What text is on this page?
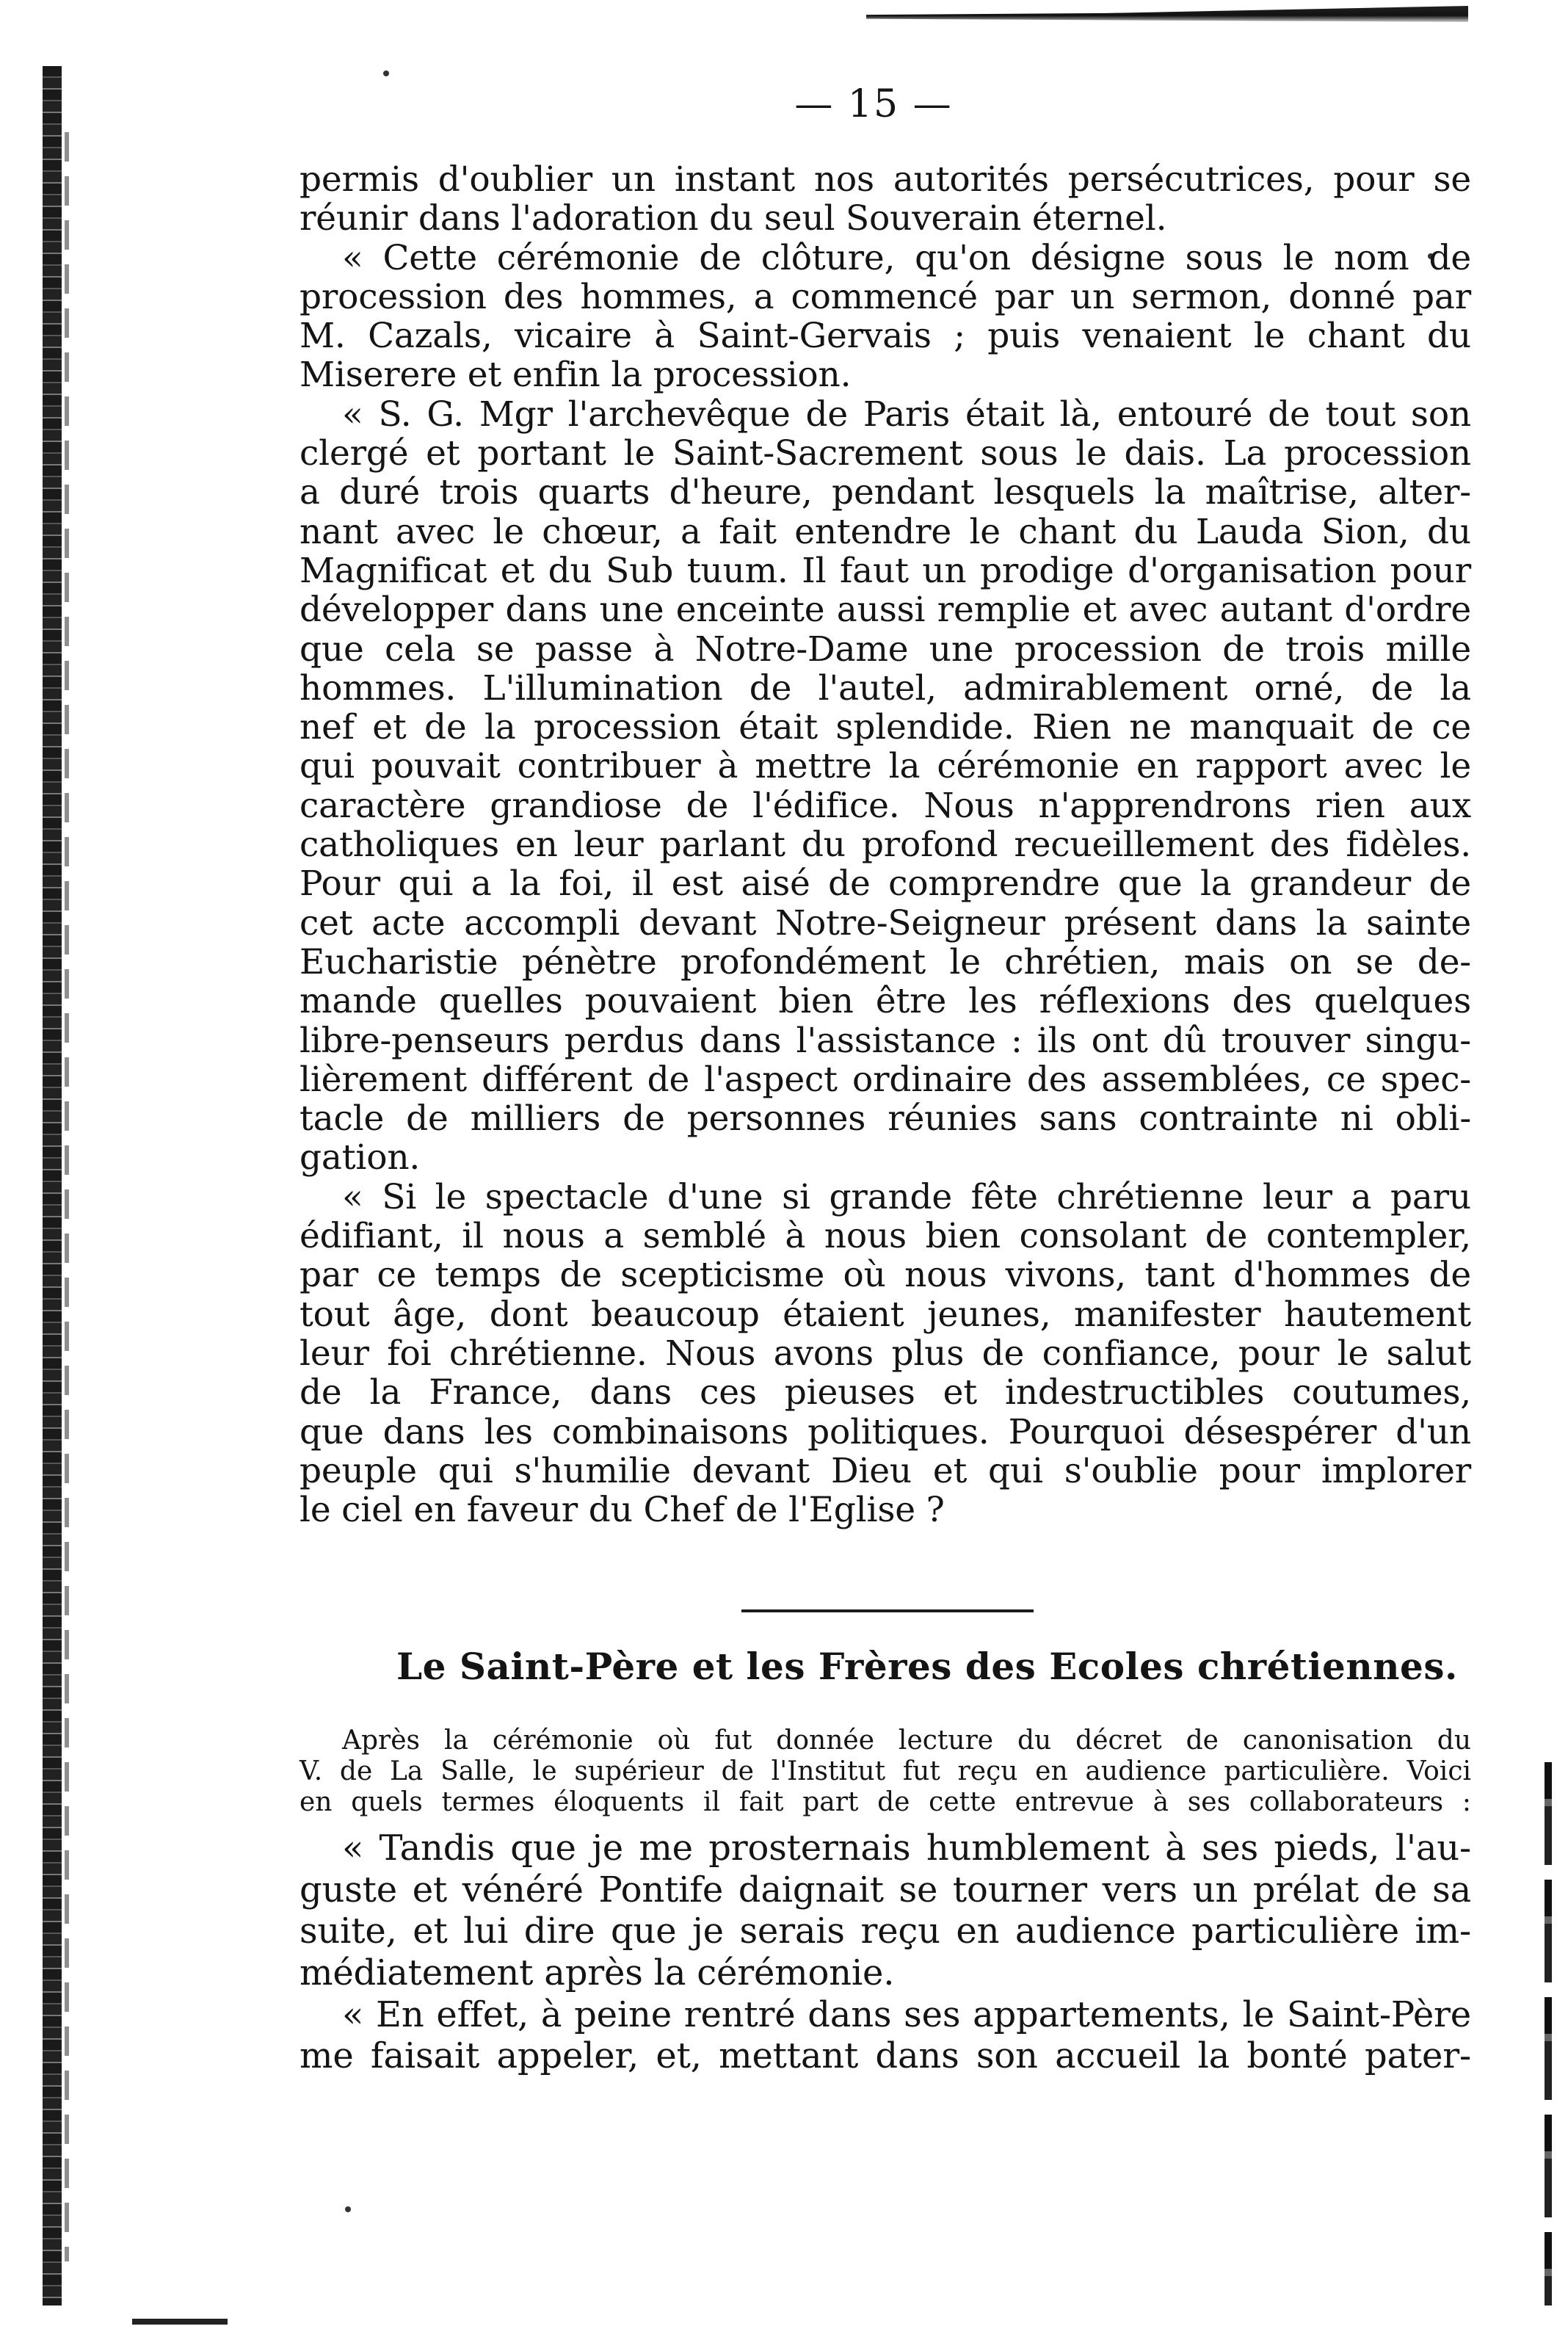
— 15 —
permis d'oublier un instant nos autorités persécutrices, pour se
réunir dans l'adoration du seul Souverain éternel.
« Cette cérémonie de clôture, qu'on désigne sous le nom de
procession des hommes, a commencé par un sermon, donné par
M. Cazals, vicaire à Saint-Gervais ; puis venaient le chant du
Miserere et enfin la procession.
« S. G. Mgr l'archevêque de Paris était là, entouré de tout son
clergé et portant le Saint-Sacrement sous le dais. La procession
a duré trois quarts d'heure, pendant lesquels la maîtrise, alter-
nant avec le chœur, a fait entendre le chant du Lauda Sion, du
Magnificat et du Sub tuum. Il faut un prodige d'organisation pour
développer dans une enceinte aussi remplie et avec autant d'ordre
que cela se passe à Notre-Dame une procession de trois mille
hommes. L'illumination de l'autel, admirablement orné, de la
nef et de la procession était splendide. Rien ne manquait de ce
qui pouvait contribuer à mettre la cérémonie en rapport avec le
caractère grandiose de l'édifice. Nous n'apprendrons rien aux
catholiques en leur parlant du profond recueillement des fidèles.
Pour qui a la foi, il est aisé de comprendre que la grandeur de
cet acte accompli devant Notre-Seigneur présent dans la sainte
Eucharistie pénètre profondément le chrétien, mais on se de-
mande quelles pouvaient bien être les réflexions des quelques
libre-penseurs perdus dans l'assistance : ils ont dû trouver singu-
lièrement différent de l'aspect ordinaire des assemblées, ce spec-
tacle de milliers de personnes réunies sans contrainte ni obli-
gation.
« Si le spectacle d'une si grande fête chrétienne leur a paru
édifiant, il nous a semblé à nous bien consolant de contempler,
par ce temps de scepticisme où nous vivons, tant d'hommes de
tout âge, dont beaucoup étaient jeunes, manifester hautement
leur foi chrétienne. Nous avons plus de confiance, pour le salut
de la France, dans ces pieuses et indestructibles coutumes,
que dans les combinaisons politiques. Pourquoi désespérer d'un
peuple qui s'humilie devant Dieu et qui s'oublie pour implorer
le ciel en faveur du Chef de l'Eglise ?
Le Saint-Père et les Frères des Ecoles chrétiennes.
Après la cérémonie où fut donnée lecture du décret de canonisation du
V. de La Salle, le supérieur de l'Institut fut reçu en audience particulière. Voici
en quels termes éloquents il fait part de cette entrevue à ses collaborateurs :
« Tandis que je me prosternais humblement à ses pieds, l'au-
guste et vénéré Pontife daignait se tourner vers un prélat de sa
suite, et lui dire que je serais reçu en audience particulière im-
médiatement après la cérémonie.
« En effet, à peine rentré dans ses appartements, le Saint-Père
me faisait appeler, et, mettant dans son accueil la bonté pater-
